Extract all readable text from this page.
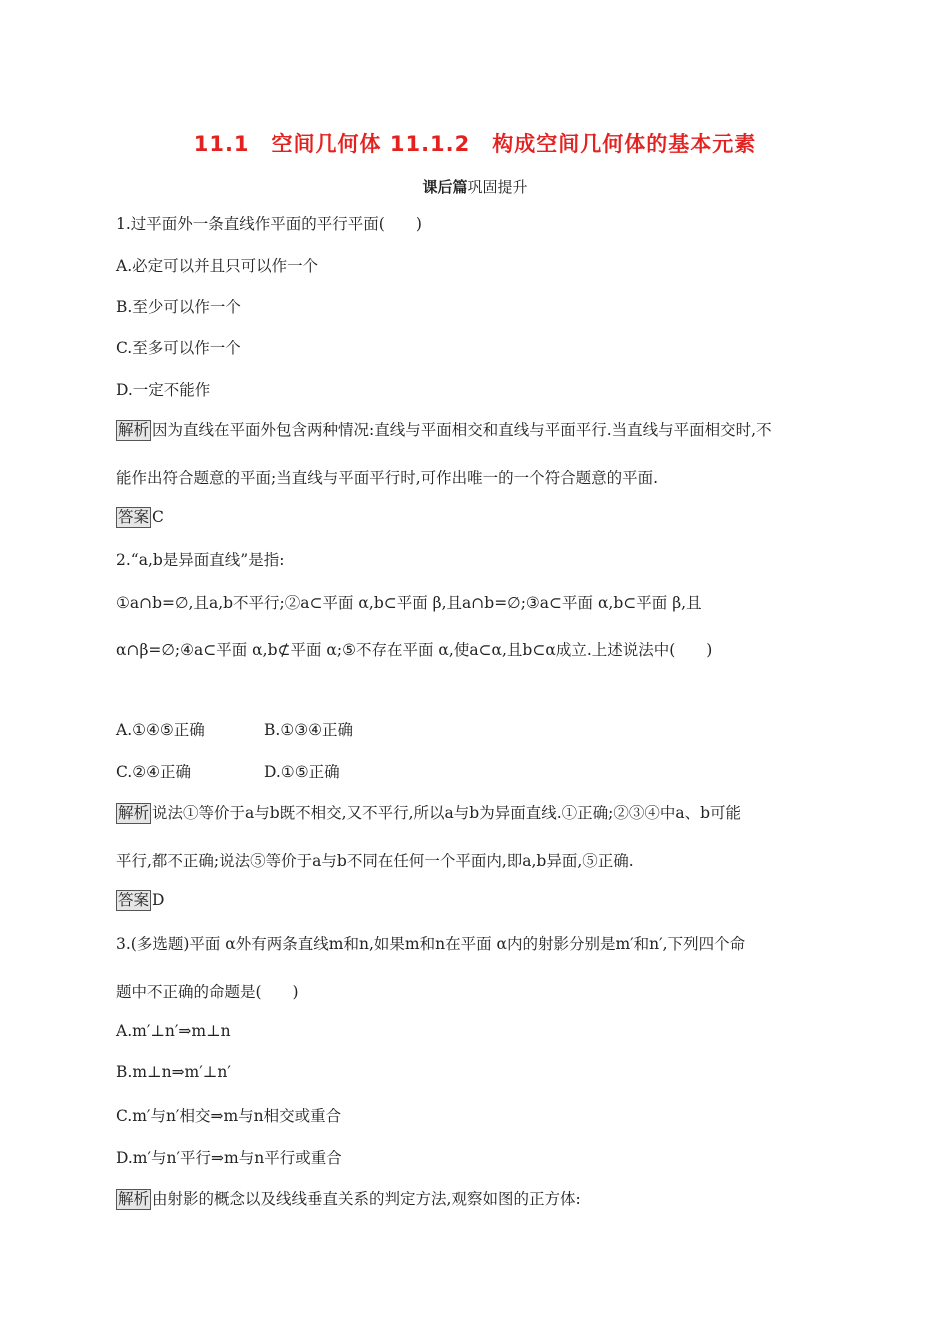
11.1　空间几何体 11.1.2　构成空间几何体的基本元素
课后篇巩固提升
1.过平面外一条直线作平面的平行平面(　　)
A.必定可以并且只可以作一个
B.至少可以作一个
C.至多可以作一个
D.一定不能作
解析 因为直线在平面外包含两种情况:直线与平面相交和直线与平面平行.当直线与平面相交时,不
能作出符合题意的平面;当直线与平面平行时,可作出唯一的一个符合题意的平面.
答案 C
2.“a,b是异面直线”是指:
①a∩b=∅,且a,b不平行;②a⊂平面 α,b⊂平面 β,且a∩b=∅;③a⊂平面 α,b⊂平面 β,且
α∩β=∅;④a⊂平面 α,b⊄平面 α;⑤不存在平面 α,使a⊂α,且b⊂α成立.上述说法中(　　)
A.①④⑤正确	B.①③④正确
C.②④正确	D.①⑤正确
解析 说法①等价于a与b既不相交,又不平行,所以a与b为异面直线.①正确;②③④中a、b可能
平行,都不正确;说法⑤等价于a与b不同在任何一个平面内,即a,b异面,⑤正确.
答案 D
3.(多选题)平面 α外有两条直线m和n,如果m和n在平面 α内的射影分别是m′和n′,下列四个命
题中不正确的命题是(　　)
A.m′⊥n′⇒m⊥n
B.m⊥n⇒m′⊥n′
C.m′与n′相交⇒m与n相交或重合
D.m′与n′平行⇒m与n平行或重合
解析 由射影的概念以及线线垂直关系的判定方法,观察如图的正方体:
